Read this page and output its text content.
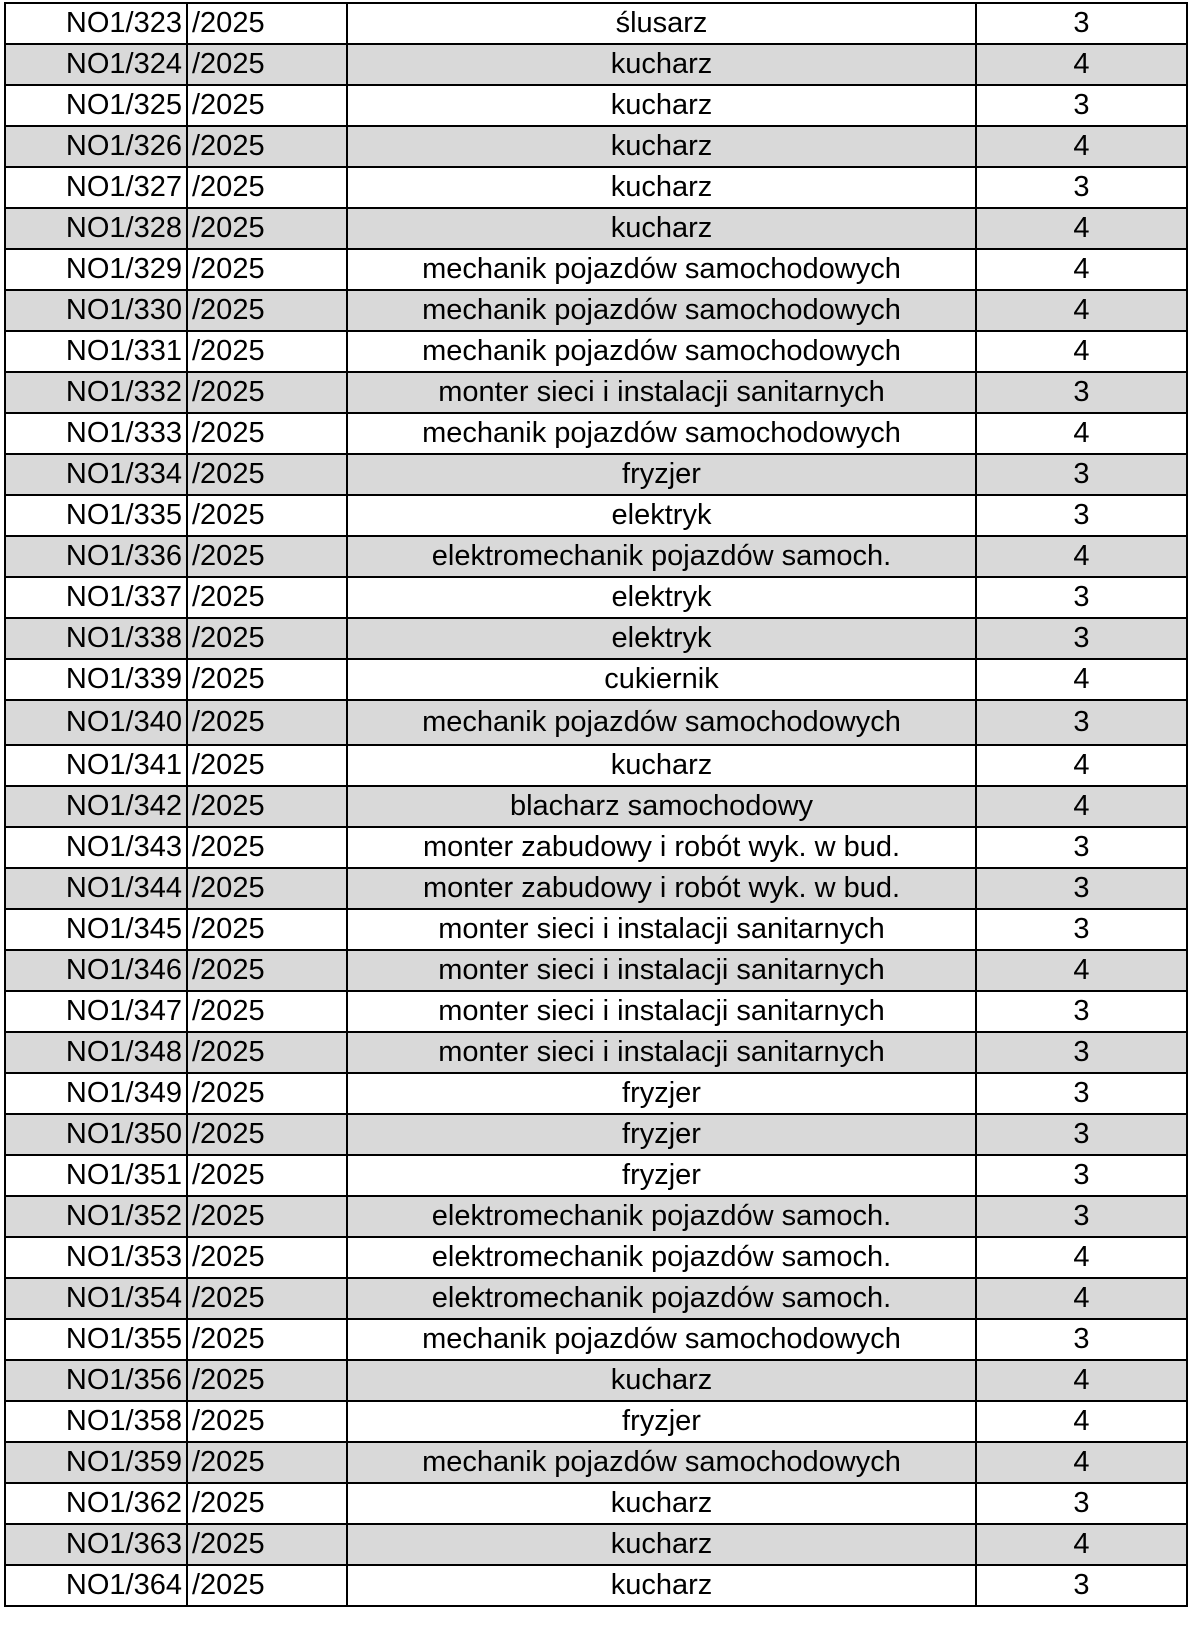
NO1/323	/2025	ślusarz	3
NO1/324	/2025	kucharz	4
NO1/325	/2025	kucharz	3
NO1/326	/2025	kucharz	4
NO1/327	/2025	kucharz	3
NO1/328	/2025	kucharz	4
NO1/329	/2025	mechanik pojazdów samochodowych	4
NO1/330	/2025	mechanik pojazdów samochodowych	4
NO1/331	/2025	mechanik pojazdów samochodowych	4
NO1/332	/2025	monter sieci i instalacji sanitarnych	3
NO1/333	/2025	mechanik pojazdów samochodowych	4
NO1/334	/2025	fryzjer	3
NO1/335	/2025	elektryk	3
NO1/336	/2025	elektromechanik pojazdów samoch.	4
NO1/337	/2025	elektryk	3
NO1/338	/2025	elektryk	3
NO1/339	/2025	cukiernik	4
NO1/340	/2025	mechanik pojazdów samochodowych	3
NO1/341	/2025	kucharz	4
NO1/342	/2025	blacharz samochodowy	4
NO1/343	/2025	monter zabudowy i robót wyk. w bud.	3
NO1/344	/2025	monter zabudowy i robót wyk. w bud.	3
NO1/345	/2025	monter sieci i instalacji sanitarnych	3
NO1/346	/2025	monter sieci i instalacji sanitarnych	4
NO1/347	/2025	monter sieci i instalacji sanitarnych	3
NO1/348	/2025	monter sieci i instalacji sanitarnych	3
NO1/349	/2025	fryzjer	3
NO1/350	/2025	fryzjer	3
NO1/351	/2025	fryzjer	3
NO1/352	/2025	elektromechanik pojazdów samoch.	3
NO1/353	/2025	elektromechanik pojazdów samoch.	4
NO1/354	/2025	elektromechanik pojazdów samoch.	4
NO1/355	/2025	mechanik pojazdów samochodowych	3
NO1/356	/2025	kucharz	4
NO1/358	/2025	fryzjer	4
NO1/359	/2025	mechanik pojazdów samochodowych	4
NO1/362	/2025	kucharz	3
NO1/363	/2025	kucharz	4
NO1/364	/2025	kucharz	3
